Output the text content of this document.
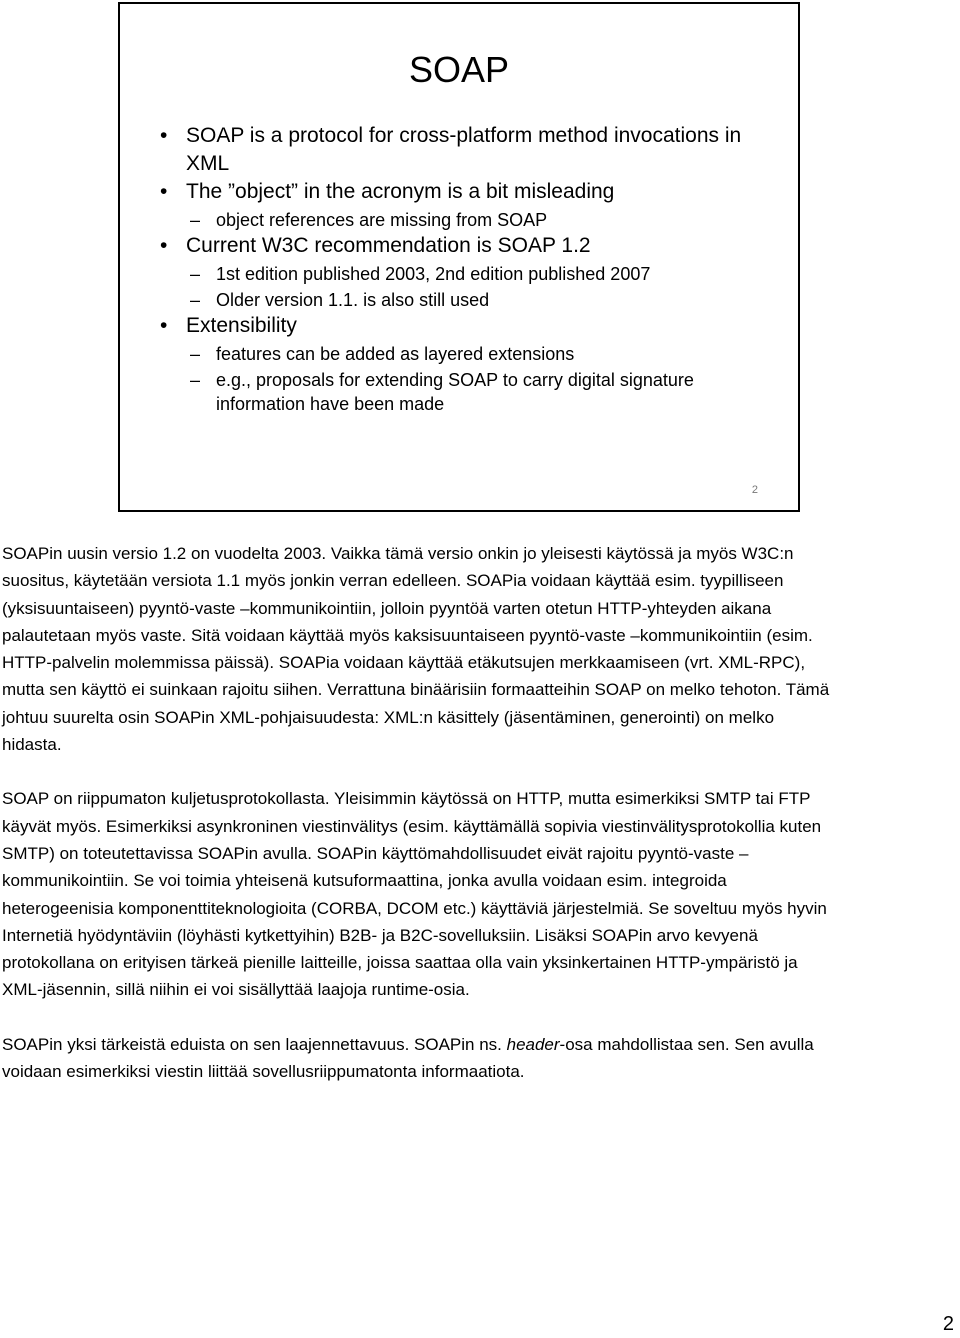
SOAP
• SOAP is a protocol for cross-platform method invocations in XML
• The ”object” in the acronym is a bit misleading
– object references are missing from SOAP
• Current W3C recommendation is SOAP 1.2
– 1st edition published 2003, 2nd edition published 2007
– Older version 1.1. is also still used
• Extensibility
– features can be added as layered extensions
– e.g., proposals for extending SOAP to carry digital signature information have been made
2

SOAPin uusin versio 1.2 on vuodelta 2003. Vaikka tämä versio onkin jo yleisesti käytössä ja myös W3C:n suositus, käytetään versiota 1.1 myös jonkin verran edelleen. SOAPia voidaan käyttää esim. tyypilliseen (yksisuuntaiseen) pyyntö-vaste –kommunikointiin, jolloin pyyntöä varten otetun HTTP-yhteyden aikana palautetaan myös vaste. Sitä voidaan käyttää myös kaksisuuntaiseen pyyntö-vaste –kommunikointiin (esim. HTTP-palvelin molemmissa päissä). SOAPia voidaan käyttää etäkutsujen merkkaamiseen (vrt. XML-RPC), mutta sen käyttö ei suinkaan rajoitu siihen. Verrattuna binäärisiin formaatteihin SOAP on melko tehoton. Tämä johtuu suurelta osin SOAPin XML-pohjaisuudesta: XML:n käsittely (jäsentäminen, generointi) on melko hidasta.

SOAP on riippumaton kuljetusprotokollasta. Yleisimmin käytössä on HTTP, mutta esimerkiksi SMTP tai FTP käyvät myös. Esimerkiksi asynkroninen viestinvälitys (esim. käyttämällä sopivia viestinvälitysprotokollia kuten SMTP) on toteutettavissa SOAPin avulla. SOAPin käyttömahdollisuudet eivät rajoitu pyyntö-vaste –kommunikointiin. Se voi toimia yhteisenä kutsuformaattina, jonka avulla voidaan esim. integroida heterogeenisia komponenttiteknologioita (CORBA, DCOM etc.) käyttäviä järjestelmiä. Se soveltuu myös hyvin Internetiä hyödyntäviin (löyhästi kytkettyihin) B2B- ja B2C-sovelluksiin. Lisäksi SOAPin arvo kevyenä protokollana on erityisen tärkeä pienille laitteille, joissa saattaa olla vain yksinkertainen HTTP-ympäristö ja XML-jäsennin, sillä niihin ei voi sisällyttää laajoja runtime-osia.

SOAPin yksi tärkeistä eduista on sen laajennettavuus. SOAPin ns. header-osa mahdollistaa sen. Sen avulla voidaan esimerkiksi viestin liittää sovellusriippumatonta informaatiota.

2
